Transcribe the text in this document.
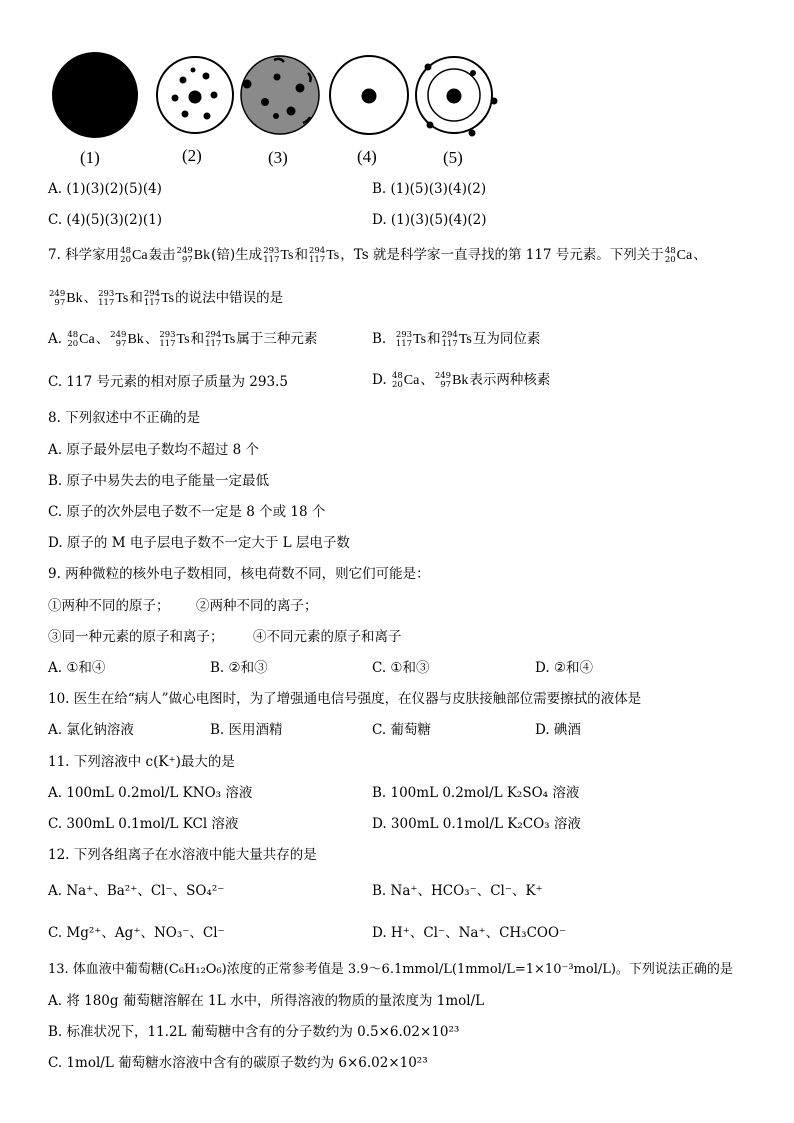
(1)	(2)	(3)	(4)	(5)
A. (1)(3)(2)(5)(4)	B. (1)(5)(3)(4)(2)
C. (4)(5)(3)(2)(1)	D. (1)(3)(5)(4)(2)
7. 科学家用 48
20 Ca 轰击 249
97 Bk (锫)生成 293
117 Ts 和 294
117 Ts ，Ts 就是科学家一直寻找的第 117 号元素。下列关于 48
20 Ca 、
249
97 Bk 、 293
117 Ts 和 294
117 Ts 的说法中错误的是
A. 48
20 Ca 、 249
97 Bk 、 293
117 Ts 和 294
117 Ts 属于三种元素	B. 293
117 Ts 和 294
117 Ts 互为同位素
C. 117 号元素的相对原子质量为 293.5	D. 48
20 Ca 、 249
97 Bk 表示两种核素
8. 下列叙述中不正确的是
A. 原子最外层电子数均不超过 8 个
B. 原子中易失去的电子能量一定最低
C. 原子的次外层电子数不一定是 8 个或 18 个
D. 原子的 M 电子层电子数不一定大于 L 层电子数
9. 两种微粒的核外电子数相同，核电荷数不同，则它们可能是：
①两种不同的原子； ②两种不同的离子；
③同一种元素的原子和离子； ④不同元素的原子和离子
A. ①和④	B. ②和③	C. ①和③	D. ②和④
10. 医生在给“病人”做心电图时，为了增强通电信号强度，在仪器与皮肤接触部位需要擦拭的液体是
A. 氯化钠溶液	B. 医用酒精	C. 葡萄糖	D. 碘酒
11. 下列溶液中 c(K⁺)最大的是
A. 100mL 0.2mol/L KNO₃ 溶液	B. 100mL 0.2mol/L K₂SO₄ 溶液
C. 300mL 0.1mol/L KCl 溶液	D. 300mL 0.1mol/L K₂CO₃ 溶液
12. 下列各组离子在水溶液中能大量共存的是
A. Na⁺、Ba²⁺、Cl⁻、SO₄²⁻	B. Na⁺、HCO₃⁻、Cl⁻、K⁺
C. Mg²⁺、Ag⁺、NO₃⁻、Cl⁻	D. H⁺、Cl⁻、Na⁺、CH₃COO⁻
13. 体血液中葡萄糖(C₆H₁₂O₆)浓度的正常参考值是 3.9～6.1mmol/L(1mmol/L=1×10⁻³mol/L)。下列说法正确的是
A. 将 180g 葡萄糖溶解在 1L 水中，所得溶液的物质的量浓度为 1mol/L
B. 标准状况下，11.2L 葡萄糖中含有的分子数约为 0.5×6.02×10²³
C. 1mol/L 葡萄糖水溶液中含有的碳原子数约为 6×6.02×10²³
